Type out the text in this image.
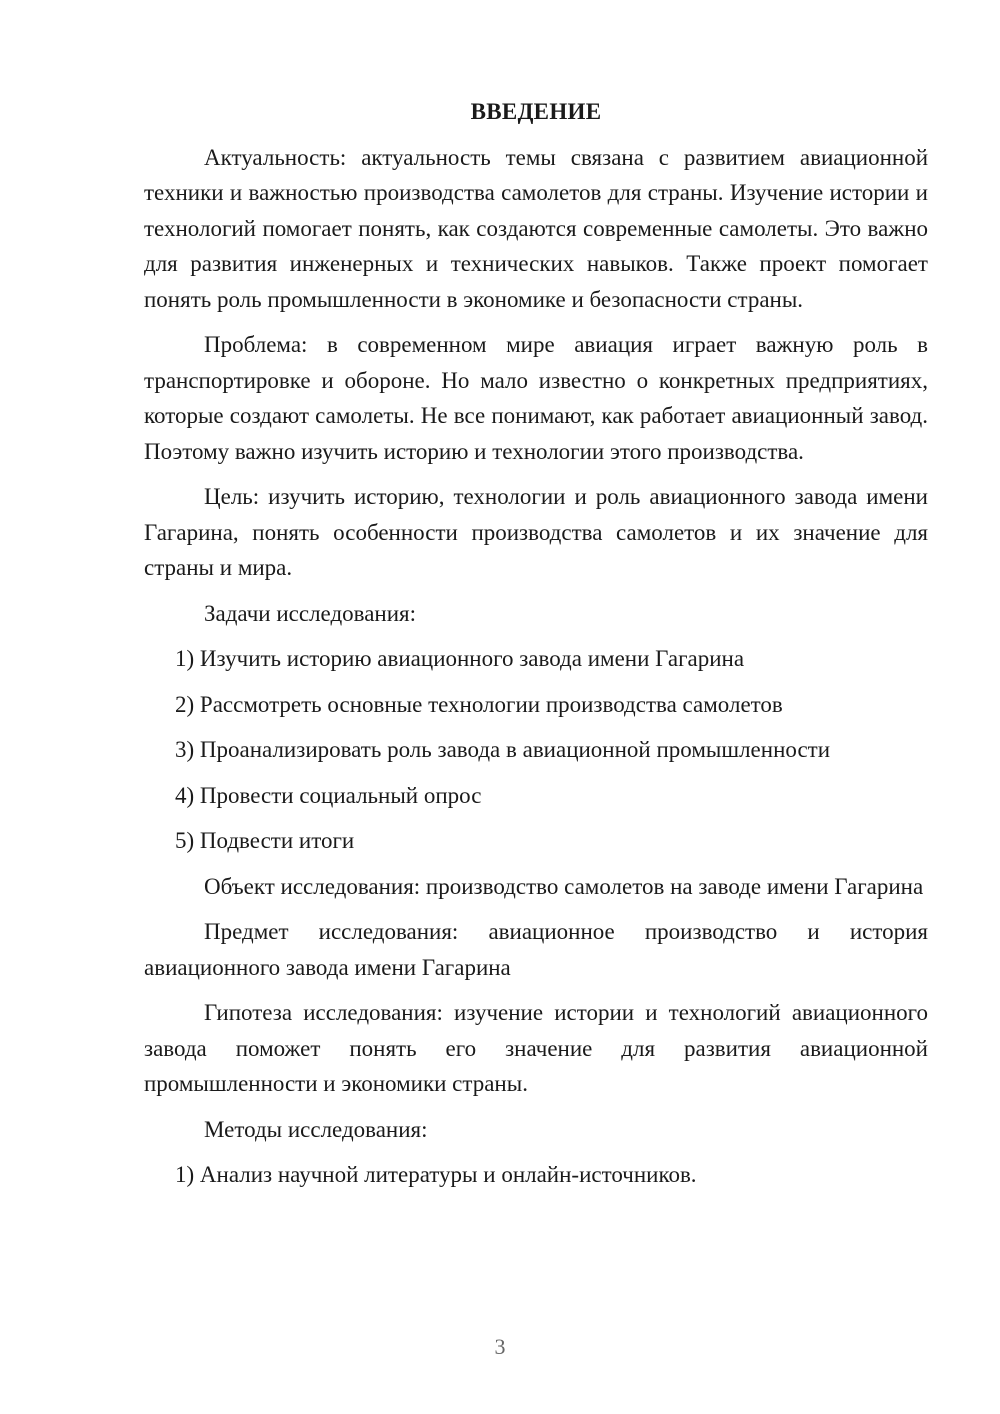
ВВЕДЕНИЕ

Актуальность: актуальность темы связана с развитием авиационной техники и важностью производства самолетов для страны. Изучение истории и технологий помогает понять, как создаются современные самолеты. Это важно для развития инженерных и технических навыков. Также проект помогает понять роль промышленности в экономике и безопасности страны.

Проблема: в современном мире авиация играет важную роль в транспортировке и обороне. Но мало известно о конкретных предприятиях, которые создают самолеты. Не все понимают, как работает авиационный завод. Поэтому важно изучить историю и технологии этого производства.

Цель: изучить историю, технологии и роль авиационного завода имени Гагарина, понять особенности производства самолетов и их значение для страны и мира.

Задачи исследования:
1) Изучить историю авиационного завода имени Гагарина
2) Рассмотреть основные технологии производства самолетов
3) Проанализировать роль завода в авиационной промышленности
4) Провести социальный опрос
5) Подвести итоги

Объект исследования: производство самолетов на заводе имени Гагарина

Предмет исследования: авиационное производство и история авиационного завода имени Гагарина

Гипотеза исследования: изучение истории и технологий авиационного завода поможет понять его значение для развития авиационной промышленности и экономики страны.

Методы исследования:
1) Анализ научной литературы и онлайн-источников.
3
